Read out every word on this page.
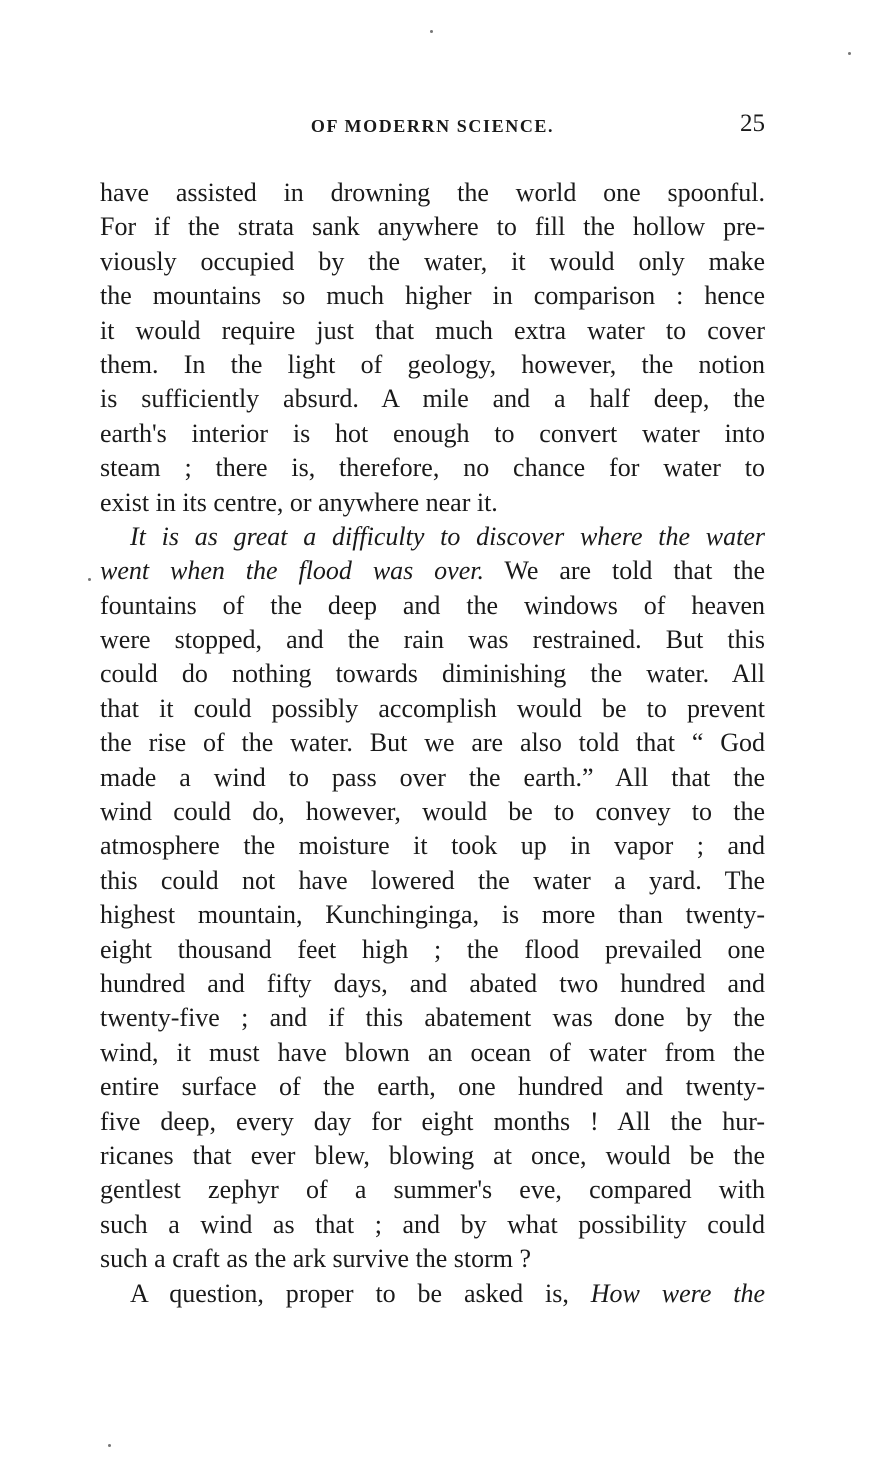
OF MODERRN SCIENCE.	25
have assisted in drowning the world one spoonful.
For if the strata sank anywhere to fill the hollow pre-
viously occupied by the water, it would only make
the mountains so much higher in comparison : hence
it would require just that much extra water to cover
them. In the light of geology, however, the notion
is sufficiently absurd. A mile and a half deep, the
earth's interior is hot enough to convert water into
steam ; there is, therefore, no chance for water to
exist in its centre, or anywhere near it.
It is as great a difficulty to discover where the water
went when the flood was over. We are told that the
fountains of the deep and the windows of heaven
were stopped, and the rain was restrained. But this
could do nothing towards diminishing the water. All
that it could possibly accomplish would be to prevent
the rise of the water. But we are also told that “ God
made a wind to pass over the earth.” All that the
wind could do, however, would be to convey to the
atmosphere the moisture it took up in vapor ; and
this could not have lowered the water a yard. The
highest mountain, Kunchinginga, is more than twenty-
eight thousand feet high ; the flood prevailed one
hundred and fifty days, and abated two hundred and
twenty-five ; and if this abatement was done by the
wind, it must have blown an ocean of water from the
entire surface of the earth, one hundred and twenty-
five deep, every day for eight months ! All the hur-
ricanes that ever blew, blowing at once, would be the
gentlest zephyr of a summer's eve, compared with
such a wind as that ; and by what possibility could
such a craft as the ark survive the storm ?
A question, proper to be asked is, How were the
